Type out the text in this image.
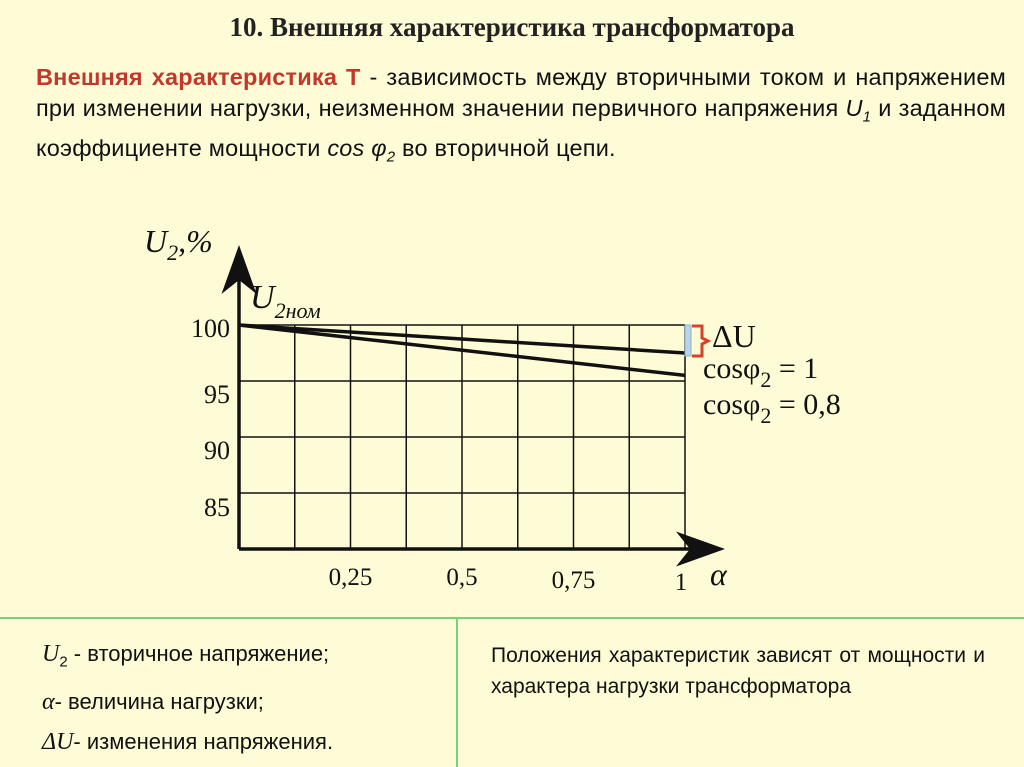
10. Внешняя характеристика трансформатора
Внешняя характеристика Т - зависимость между вторичными током и напряжением при изменении нагрузки, неизменном значении первичного напряжения $U_1$ и заданном коэффициенте мощности $\cos \varphi_2$ во вторичной цепи.
$U_2,\%$
$U_{2ном}$
α
0,25	0,5	0,75	1
100
95
90
85
ΔU
cosφ$_2$ = 1
cosφ$_2$ = 0,8
$U_2$ - вторичное напряжение;
α- величина нагрузки;
ΔU- изменения напряжения.
Положения характеристик зависят от мощности и характера нагрузки трансформатора
